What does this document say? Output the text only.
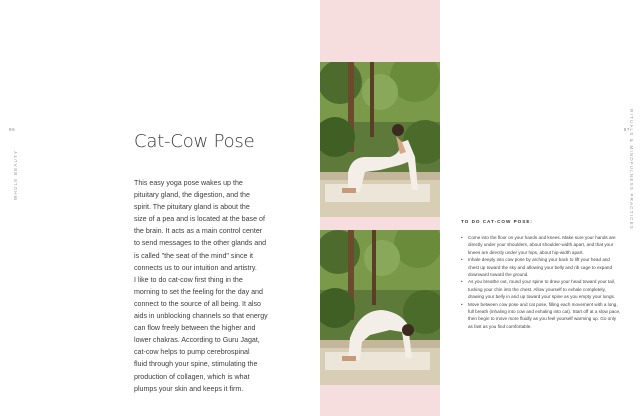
96
WHOLE BEAUTY
Cat-Cow Pose
This easy yoga pose wakes up the
pituitary gland, the digestion, and the
spirit. The pituitary gland is about the
size of a pea and is located at the base of
the brain. It acts as a main control center
to send messages to the other glands and
is called "the seat of the mind" since it
connects us to our intuition and artistry.
I like to do cat-cow first thing in the
morning to set the feeling for the day and
connect to the source of all being. It also
aids in unblocking channels so that energy
can flow freely between the higher and
lower chakras. According to Guru Jagat,
cat-cow helps to pump cerebrospinal
fluid through your spine, stimulating the
production of collagen, which is what
plumps your skin and keeps it firm.
97 RITUALS & MINDFULNESS PRACTICES
TO DO CAT-COW POSE:
• Come into the floor on your hands and knees. Make sure your hands are directly under your shoulders, about shoulder-width apart, and that your knees are directly under your hips, about hip-width apart.
• Inhale deeply into cow pose by arching your back to lift your head and chest up toward the sky and allowing your belly and rib cage to expand downward toward the ground.
• As you breathe out, round your spine to draw your head toward your tail, tucking your chin into the chest. Allow yourself to exhale completely, drawing your belly in and up toward your spine as you empty your lungs.
• Move between cow pose and cat pose, filling each movement with a long, full breath (inhaling into cow and exhaling into cat). Start off at a slow pace, then begin to move more fluidly as you feel yourself warming up. Go only as fast as you find comfortable.
